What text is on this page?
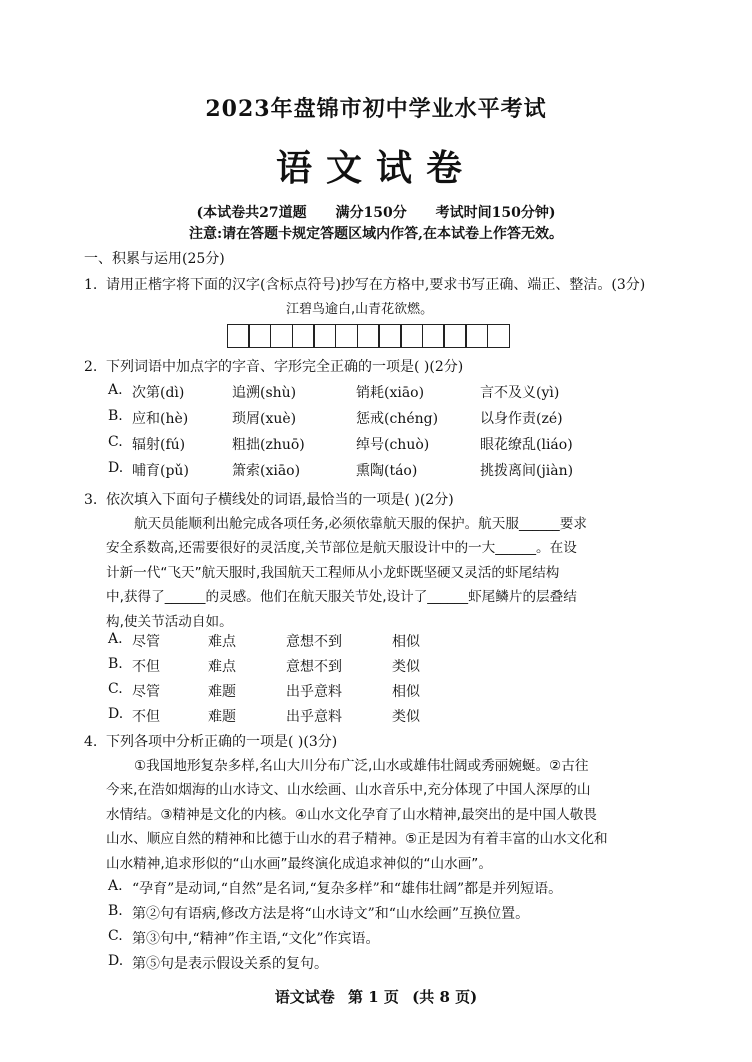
2023年盘锦市初中学业水平考试
语文试卷
(本试卷共27道题 满分150分 考试时间150分钟)
注意:请在答题卡规定答题区域内作答,在本试卷上作答无效。
一、积累与运用(25分)
1. 请用正楷字将下面的汉字(含标点符号)抄写在方格中,要求书写正确、端正、整洁。(3分)
江碧鸟逾白,山青花欲燃。
2. 下列词语中加点字的字音、字形完全正确的一项是( )(2分)
A. 次第(dì)	追溯(shù)	销耗(xiāo)	言不及义(yì)
B. 应和(hè)	琐屑(xuè)	惩戒(chéng)	以身作责(zé)
C. 辐射(fú)	粗拙(zhuō)	绰号(chuò)	眼花缭乱(liáo)
D. 哺育(pǔ)	箫索(xiāo)	熏陶(táo)	挑拨离间(jiàn)
3. 依次填入下面句子横线处的词语,最恰当的一项是( )(2分)
航天员能顺利出舱完成各项任务,必须依靠航天服的保护。航天服______要求
安全系数高,还需要很好的灵活度,关节部位是航天服设计中的一大______。在设
计新一代“飞天”航天服时,我国航天工程师从小龙虾既坚硬又灵活的虾尾结构
中,获得了______的灵感。他们在航天服关节处,设计了______虾尾鳞片的层叠结
构,使关节活动自如。
A. 尽管	难点	意想不到	相似
B. 不但	难点	意想不到	类似
C. 尽管	难题	出乎意料	相似
D. 不但	难题	出乎意料	类似
4. 下列各项中分析正确的一项是( )(3分)
①我国地形复杂多样,名山大川分布广泛,山水或雄伟壮阔或秀丽婉蜒。②古往
今来,在浩如烟海的山水诗文、山水绘画、山水音乐中,充分体现了中国人深厚的山
水情结。③精神是文化的内核。④山水文化孕育了山水精神,最突出的是中国人敬畏
山水、顺应自然的精神和比德于山水的君子精神。⑤正是因为有着丰富的山水文化和
山水精神,追求形似的“山水画”最终演化成追求神似的“山水画”。
A. “孕育”是动词,“自然”是名词,“复杂多样”和“雄伟壮阔”都是并列短语。
B. 第②句有语病,修改方法是将“山水诗文”和“山水绘画”互换位置。
C. 第③句中,“精神”作主语,“文化”作宾语。
D. 第⑤句是表示假设关系的复句。
语文试卷 第 1 页 (共 8 页)
